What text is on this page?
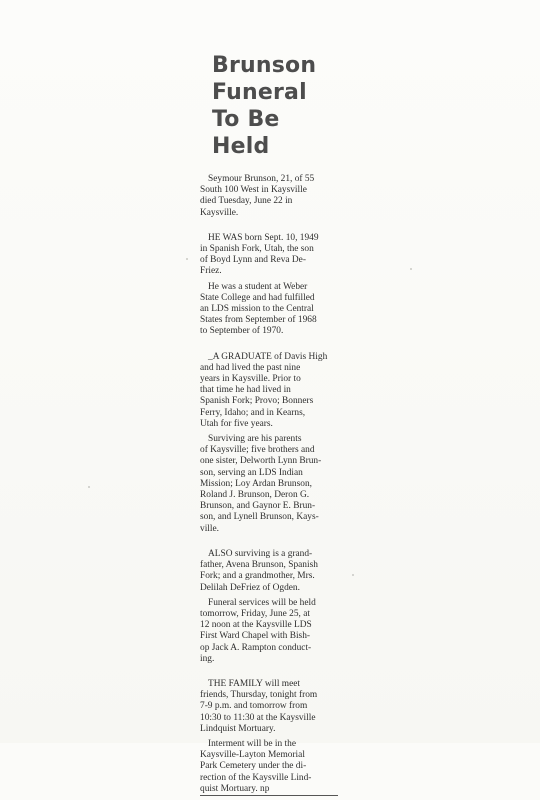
Brunson
Funeral
To Be Held

Seymour Brunson, 21, of 55
South 100 West in Kaysville
died Tuesday, June 22 in
Kaysville.

HE WAS born Sept. 10, 1949
in Spanish Fork, Utah, the son
of Boyd Lynn and Reva De-
Friez.

He was a student at Weber
State College and had fulfilled
an LDS mission to the Central
States from September of 1968
to September of 1970.

_A GRADUATE of Davis High
and had lived the past nine
years in Kaysville. Prior to
that time he had lived in
Spanish Fork; Provo; Bonners
Ferry, Idaho; and in Kearns,
Utah for five years.

Surviving are his parents
of Kaysville; five brothers and
one sister, Delworth Lynn Brun-
son, serving an LDS Indian
Mission; Loy Ardan Brunson,
Roland J. Brunson, Deron G.
Brunson, and Gaynor E. Brun-
son, and Lynell Brunson, Kays-
ville.

ALSO surviving is a grand-
father, Avena Brunson, Spanish
Fork; and a grandmother, Mrs.
Delilah DeFriez of Ogden.

Funeral services will be held
tomorrow, Friday, June 25, at
12 noon at the Kaysville LDS
First Ward Chapel with Bish-
op Jack A. Rampton conduct-
ing.

THE FAMILY will meet
friends, Thursday, tonight from
7-9 p.m. and tomorrow from
10:30 to 11:30 at the Kaysville
Lindquist Mortuary.

Interment will be in the
Kaysville-Layton Memorial
Park Cemetery under the di-
rection of the Kaysville Lind-
quist Mortuary. np
